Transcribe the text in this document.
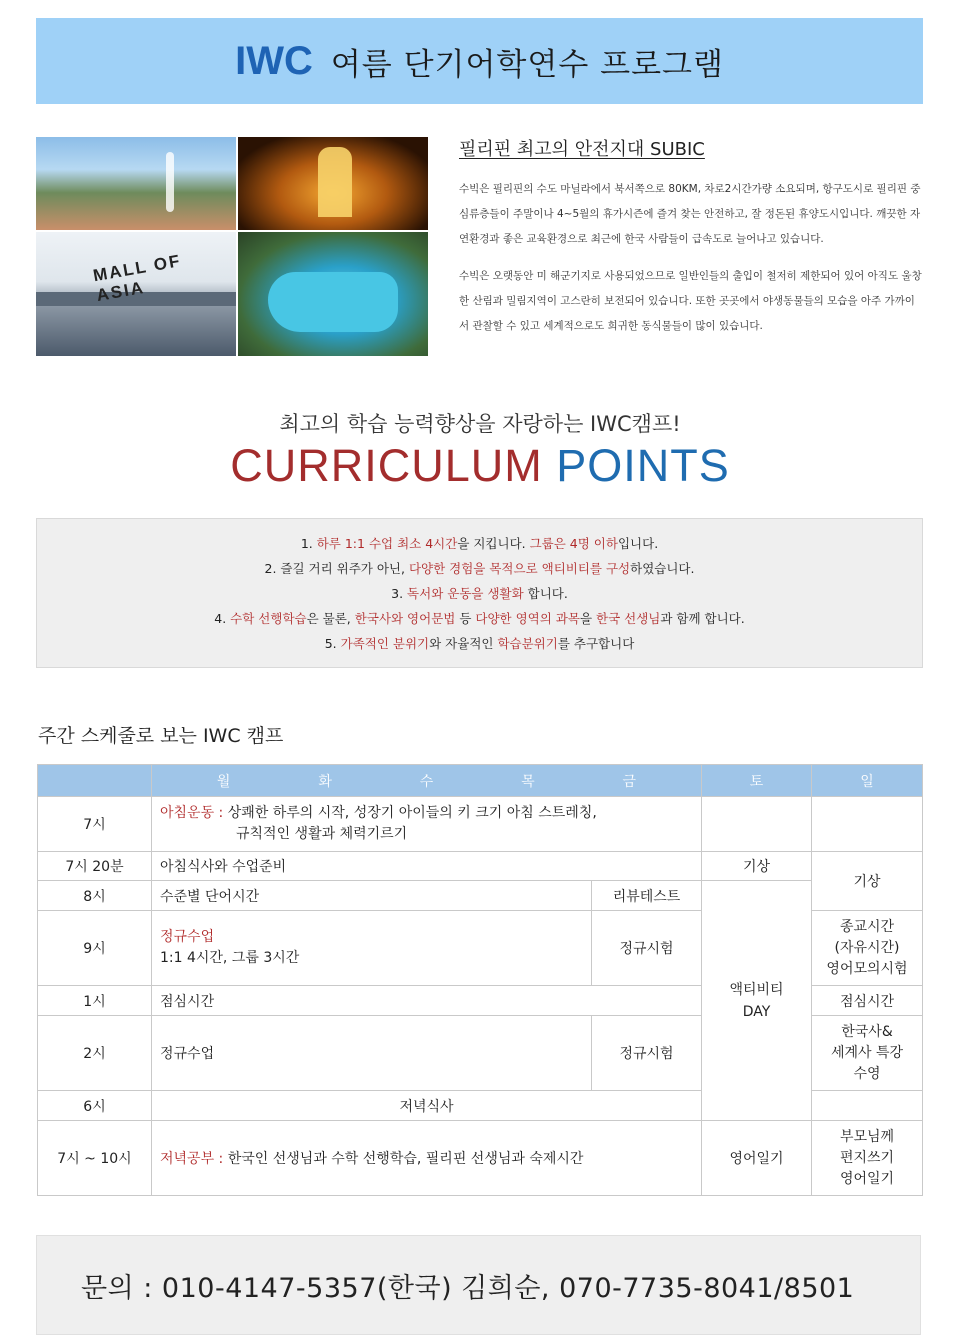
IWC 여름 단기어학연수 프로그램
MALL OF ASIA
필리핀 최고의 안전지대 SUBIC

수빅은 필리핀의 수도 마닐라에서 북서쪽으로 80KM, 차로2시간가량 소요되며, 항구도시로 필리핀 중심류층들이 주말이나 4~5월의 휴가시즌에 즐겨 찾는 안전하고, 잘 정돈된 휴양도시입니다. 깨끗한 자연환경과 좋은 교육환경으로 최근에 한국 사람들이 급속도로 늘어나고 있습니다.

수빅은 오랫동안 미 해군기지로 사용되었으므로 일반인들의 출입이 철저히 제한되어 있어 아직도 울창한 산림과 밀림지역이 고스란히 보전되어 있습니다. 또한 곳곳에서 야생동물들의 모습을 아주 가까이서 관찰할 수 있고 세계적으로도 희귀한 동식물들이 많이 있습니다.

최고의 학습 능력향상을 자랑하는 IWC캠프!
CURRICULUM POINTS
1. 하루 1:1 수업 최소 4시간을 지킵니다. 그룹은 4명 이하입니다.
2. 즐길 거리 위주가 아닌, 다양한 경험을 목적으로 액티비티를 구성하였습니다.
3. 독서와 운동을 생활화 합니다.
4. 수학 선행학습은 물론, 한국사와 영어문법 등 다양한 영역의 과목을 한국 선생님과 함께 합니다.
5. 가족적인 분위기와 자율적인 학습분위기를 추구합니다
주간 스케줄로 보는 IWC 캠프

	월 화 수 목 금		토	일	
7시	아침운동 : 상쾌한 하루의 시작, 성장기 아이들의 키 크기 아침 스트레칭,
규칙적인 생활과 체력기르기				

7시 20분	아침식사와 수업준비		기상	기상	
8시	수준별 단어시간	리뷰테스트	액티비티
DAY		
9시	정규수업
1:1 4시간, 그룹 3시간	정규시험		종교시간
(자유시간)
영어모의시험	
1시	점심시간			점심시간	
2시	정규수업	정규시험		한국사&
세계사 특강
수영	
6시	저녁식사				
7시 ~ 10시	저녁공부 : 한국인 선생님과 수학 선행학습, 필리핀 선생님과 숙제시간		영어일기	부모님께
편지쓰기
영어일기	
문의 : 010-4147-5357(한국) 김희순, 070-7735-8041/8501
